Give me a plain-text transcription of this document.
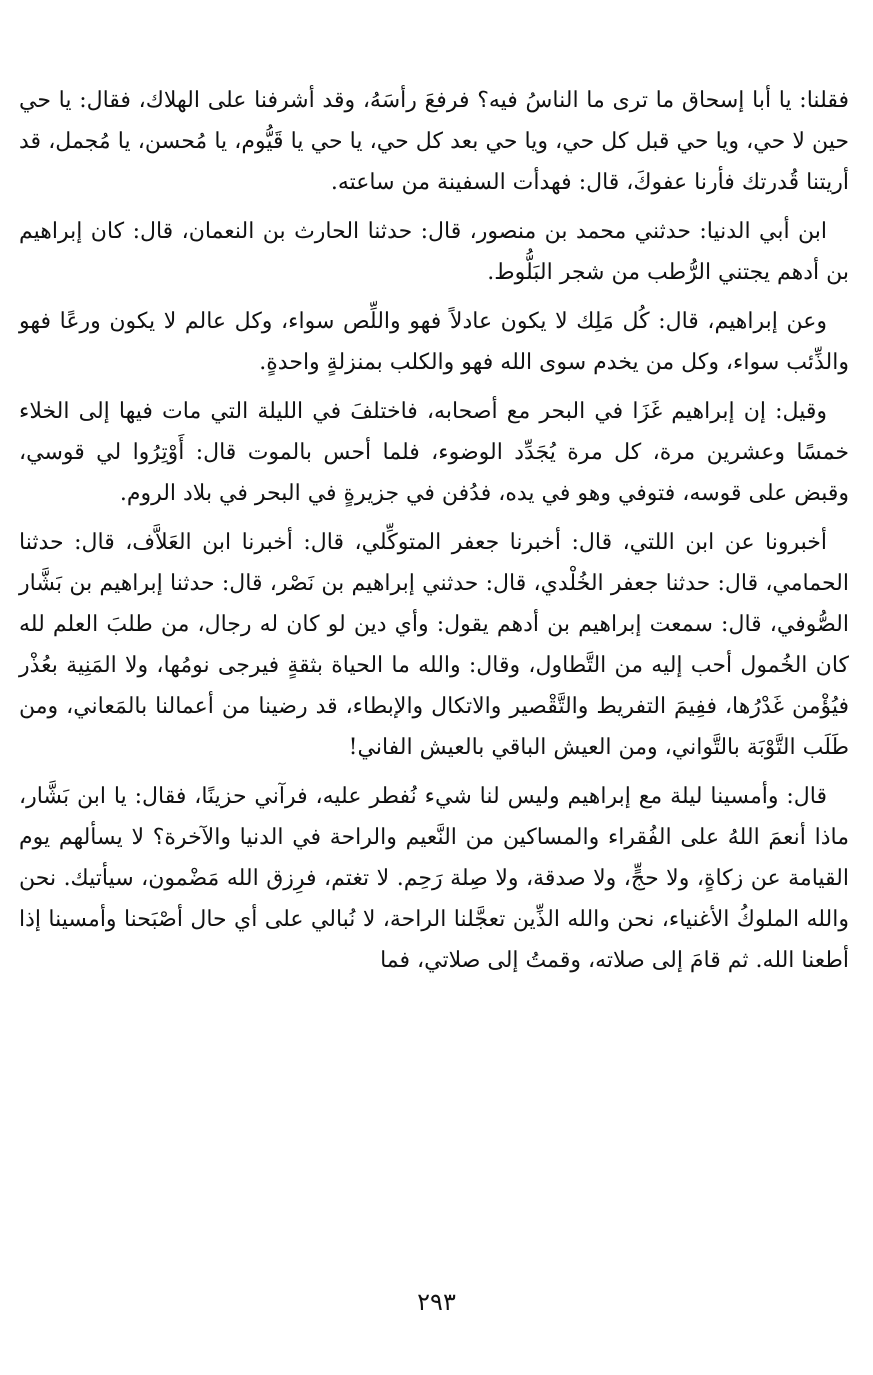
فقلنا: يا أبا إسحاق ما ترى ما الناسُ فيه؟ فرفعَ رأسَهُ، وقد أشرفنا على الهلاك، فقال: يا حي حين لا حي، ويا حي قبل كل حي، ويا حي بعد كل حي، يا حي يا قَيُّوم، يا مُحسن، يا مُجمل، قد أريتنا قُدرتك فأرنا عفوكَ، قال: فهدأت السفينة من ساعته.

ابن أبي الدنيا: حدثني محمد بن منصور، قال: حدثنا الحارث بن النعمان، قال: كان إبراهيم بن أدهم يجتني الرُّطب من شجر البَلُّوط.

وعن إبراهيم، قال: كُل مَلِك لا يكون عادلاً فهو واللِّص سواء، وكل عالم لا يكون ورعًا فهو والذِّئب سواء، وكل من يخدم سوى الله فهو والكلب بمنزلةٍ واحدةٍ.

وقيل: إن إبراهيم غَزَا في البحر مع أصحابه، فاختلفَ في الليلة التي مات فيها إلى الخلاء خمسًا وعشرين مرة، كل مرة يُجَدِّد الوضوء، فلما أحس بالموت قال: أَوْتِرُوا لي قوسي، وقبض على قوسه، فتوفي وهو في يده، فدُفن في جزيرةٍ في البحر في بلاد الروم.

أخبرونا عن ابن اللتي، قال: أخبرنا جعفر المتوكِّلي، قال: أخبرنا ابن العَلاَّف، قال: حدثنا الحمامي، قال: حدثنا جعفر الخُلْدي، قال: حدثني إبراهيم بن نَصْر، قال: حدثنا إبراهيم بن بَشَّار الصُّوفي، قال: سمعت إبراهيم بن أدهم يقول: وأي دين لو كان له رجال، من طلبَ العلم لله كان الخُمول أحب إليه من التَّطاول، وقال: والله ما الحياة بثقةٍ فيرجى نومُها، ولا المَنِية بعُذْر فيُؤْمن غَدْرُها، ففِيمَ التفريط والتَّقْصير والاتكال والإبطاء، قد رضينا من أعمالنا بالمَعاني، ومن طَلَب التَّوْبَة بالتَّواني، ومن العيش الباقي بالعيش الفاني!

قال: وأمسينا ليلة مع إبراهيم وليس لنا شيء نُفطر عليه، فرآني حزينًا، فقال: يا ابن بَشَّار، ماذا أنعمَ اللهُ على الفُقراء والمساكين من النَّعيم والراحة في الدنيا والآخرة؟ لا يسألهم يوم القيامة عن زكاةٍ، ولا حجٍّ، ولا صدقة، ولا صِلة رَحِم. لا تغتم، فرِزق الله مَضْمون، سيأتيك. نحن والله الملوكُ الأغنياء، نحن والله الذِّين تعجَّلنا الراحة، لا نُبالي على أي حال أصْبَحنا وأمسينا إذا أطعنا الله. ثم قامَ إلى صلاته، وقمتُ إلى صلاتي، فما

٢٩٣
